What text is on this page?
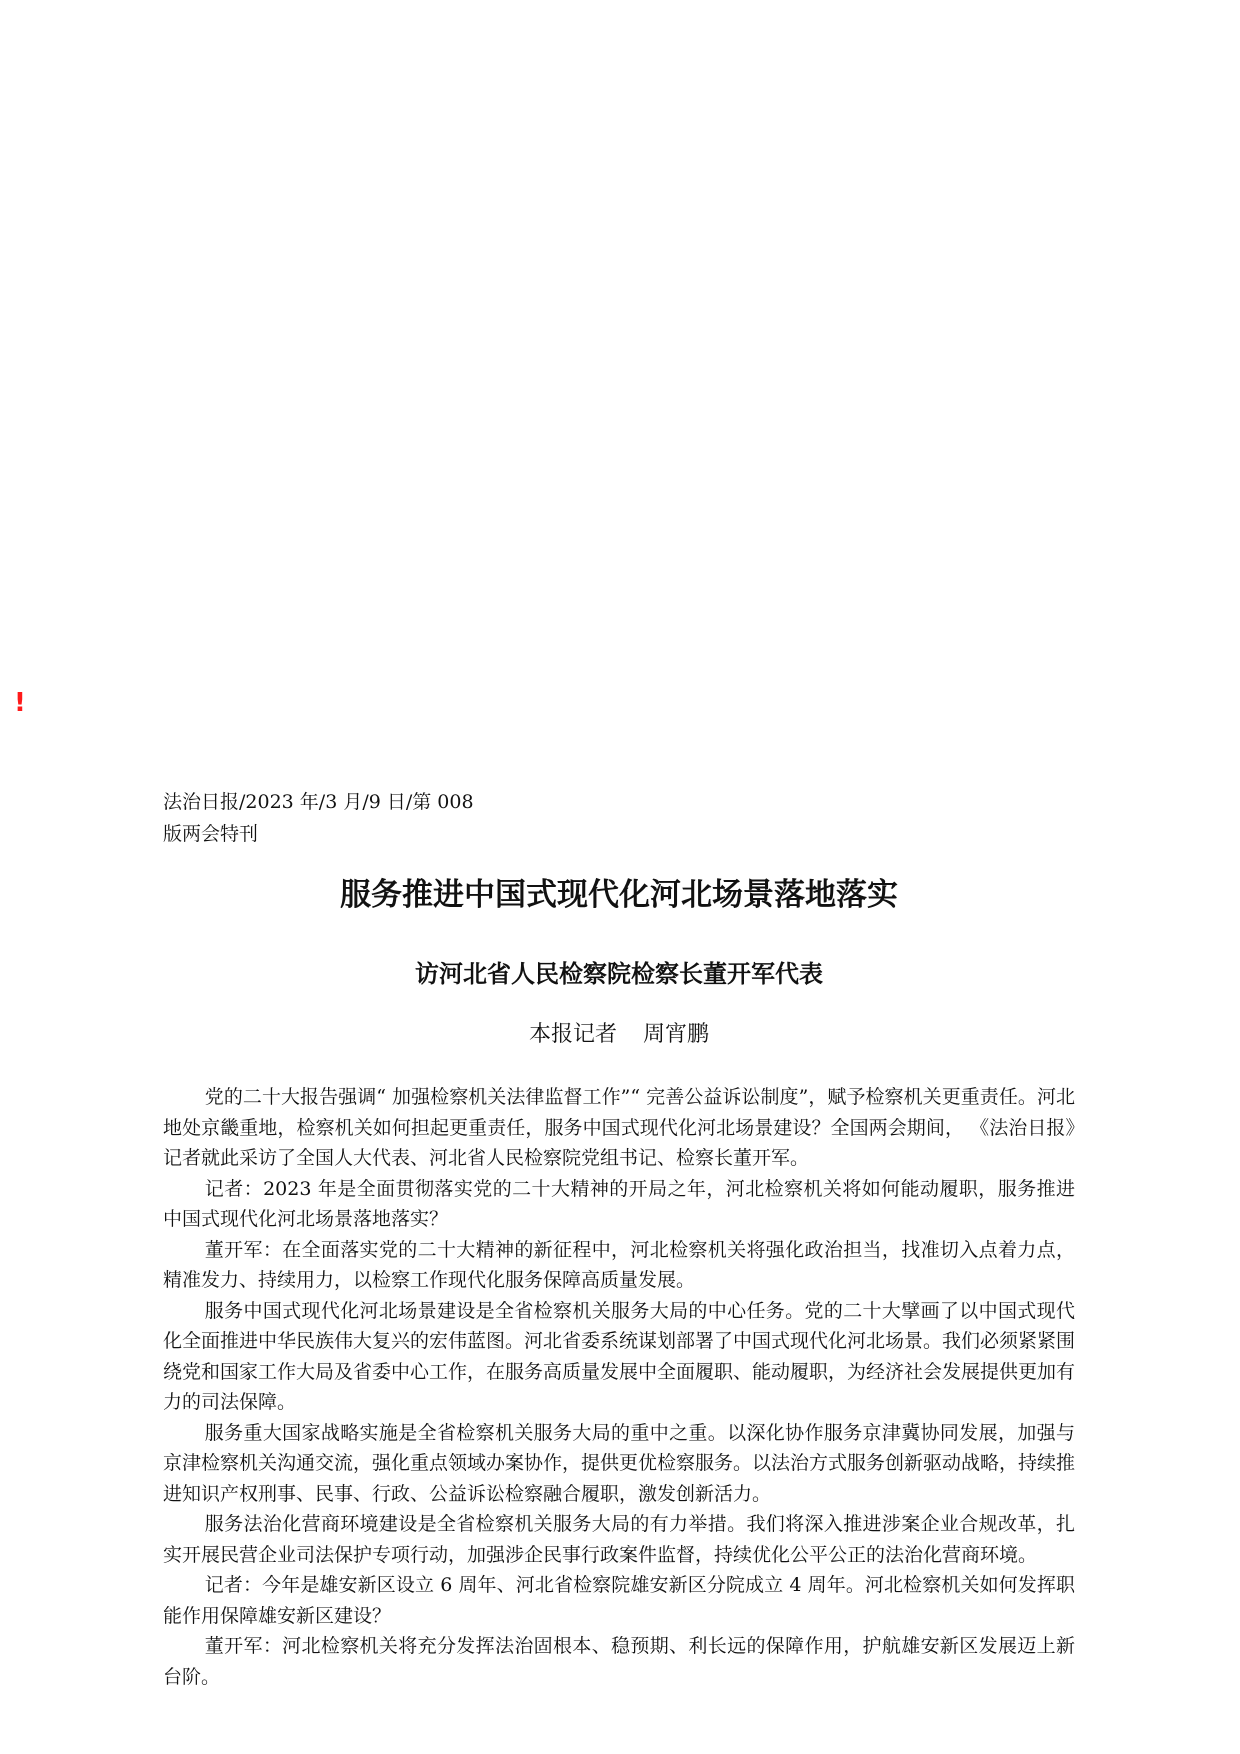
!
法治日报/2023 年/3 月/9 日/第 008
版两会特刊
服务推进中国式现代化河北场景落地落实
访河北省人民检察院检察长董开军代表
本报记者 周宵鹏

党的二十大报告强调“ 加强检察机关法律监督工作”“ 完善公益诉讼制度”，赋予检察机关更重责任。河北地处京畿重地，检察机关如何担起更重责任，服务中国式现代化河北场景建设？全国两会期间， 《法治日报》记者就此采访了全国人大代表、河北省人民检察院党组书记、检察长董开军。

记者：2023 年是全面贯彻落实党的二十大精神的开局之年，河北检察机关将如何能动履职，服务推进中国式现代化河北场景落地落实？

董开军：在全面落实党的二十大精神的新征程中，河北检察机关将强化政治担当，找准切入点着力点，精准发力、持续用力，以检察工作现代化服务保障高质量发展。

服务中国式现代化河北场景建设是全省检察机关服务大局的中心任务。党的二十大擘画了以中国式现代化全面推进中华民族伟大复兴的宏伟蓝图。河北省委系统谋划部署了中国式现代化河北场景。我们必须紧紧围绕党和国家工作大局及省委中心工作，在服务高质量发展中全面履职、能动履职，为经济社会发展提供更加有力的司法保障。

服务重大国家战略实施是全省检察机关服务大局的重中之重。以深化协作服务京津冀协同发展，加强与京津检察机关沟通交流，强化重点领域办案协作，提供更优检察服务。以法治方式服务创新驱动战略，持续推进知识产权刑事、民事、行政、公益诉讼检察融合履职，激发创新活力。

服务法治化营商环境建设是全省检察机关服务大局的有力举措。我们将深入推进涉案企业合规改革，扎实开展民营企业司法保护专项行动，加强涉企民事行政案件监督，持续优化公平公正的法治化营商环境。

记者：今年是雄安新区设立 6 周年、河北省检察院雄安新区分院成立 4 周年。河北检察机关如何发挥职能作用保障雄安新区建设？

董开军：河北检察机关将充分发挥法治固根本、稳预期、利长远的保障作用，护航雄安新区发展迈上新台阶。
